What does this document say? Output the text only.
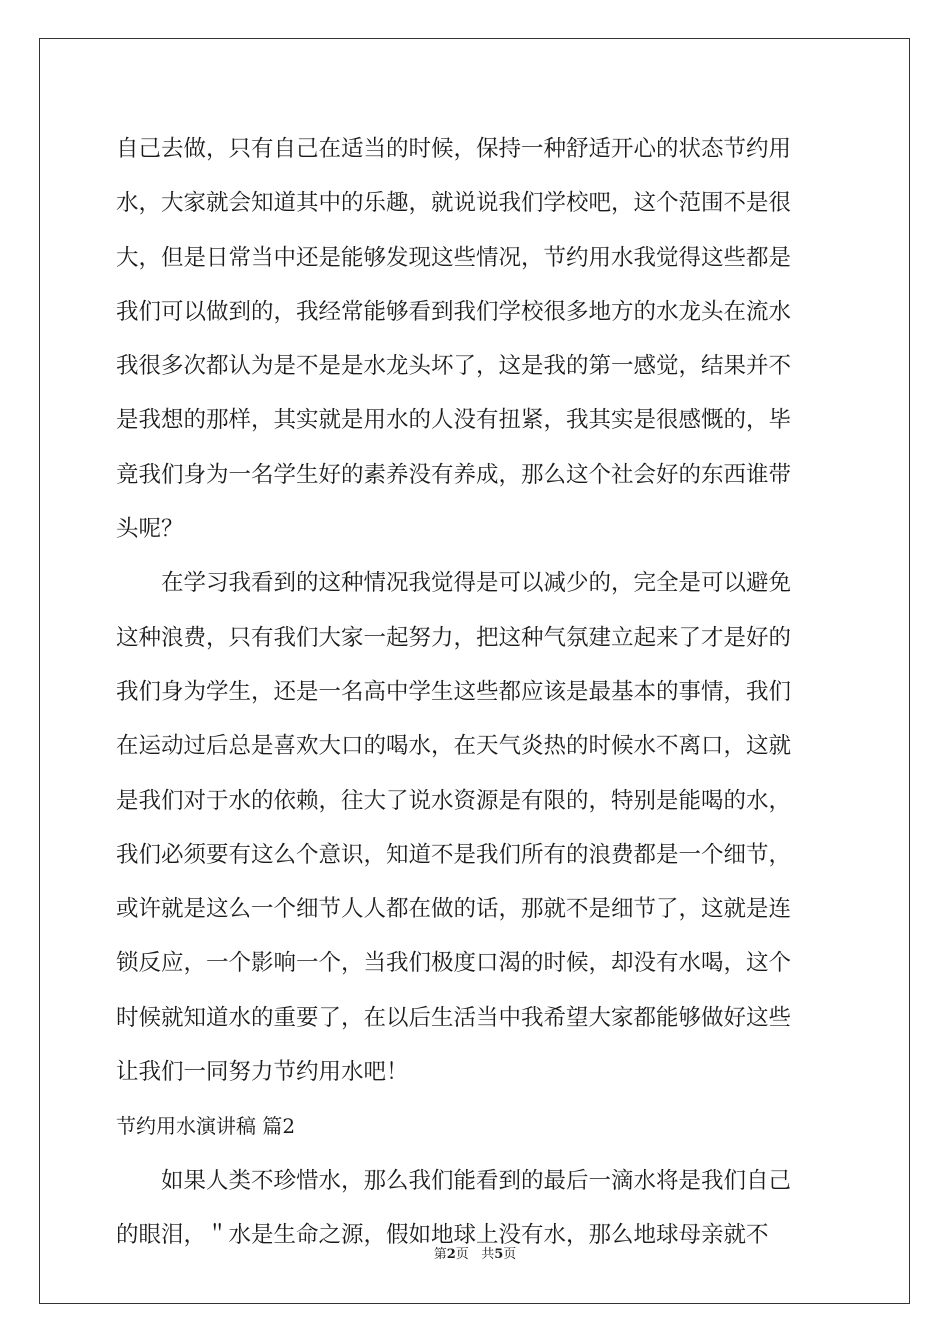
自己去做，只有自己在适当的时候，保持一种舒适开心的状态节约用
水，大家就会知道其中的乐趣，就说说我们学校吧，这个范围不是很
大，但是日常当中还是能够发现这些情况，节约用水我觉得这些都是
我们可以做到的，我经常能够看到我们学校很多地方的水龙头在流水
我很多次都认为是不是是水龙头坏了，这是我的第一感觉，结果并不
是我想的那样，其实就是用水的人没有扭紧，我其实是很感慨的，毕
竟我们身为一名学生好的素养没有养成，那么这个社会好的东西谁带
头呢？
　　在学习我看到的这种情况我觉得是可以减少的，完全是可以避免
这种浪费，只有我们大家一起努力，把这种气氛建立起来了才是好的
我们身为学生，还是一名高中学生这些都应该是最基本的事情，我们
在运动过后总是喜欢大口的喝水，在天气炎热的时候水不离口，这就
是我们对于水的依赖，往大了说水资源是有限的，特别是能喝的水，
我们必须要有这么个意识，知道不是我们所有的浪费都是一个细节，
或许就是这么一个细节人人都在做的话，那就不是细节了，这就是连
锁反应，一个影响一个，当我们极度口渴的时候，却没有水喝，这个
时候就知道水的重要了，在以后生活当中我希望大家都能够做好这些
让我们一同努力节约用水吧！
节约用水演讲稿 篇2
　　如果人类不珍惜水，那么我们能看到的最后一滴水将是我们自己
的眼泪，＂水是生命之源，假如地球上没有水，那么地球母亲就不
第2页 共5页
